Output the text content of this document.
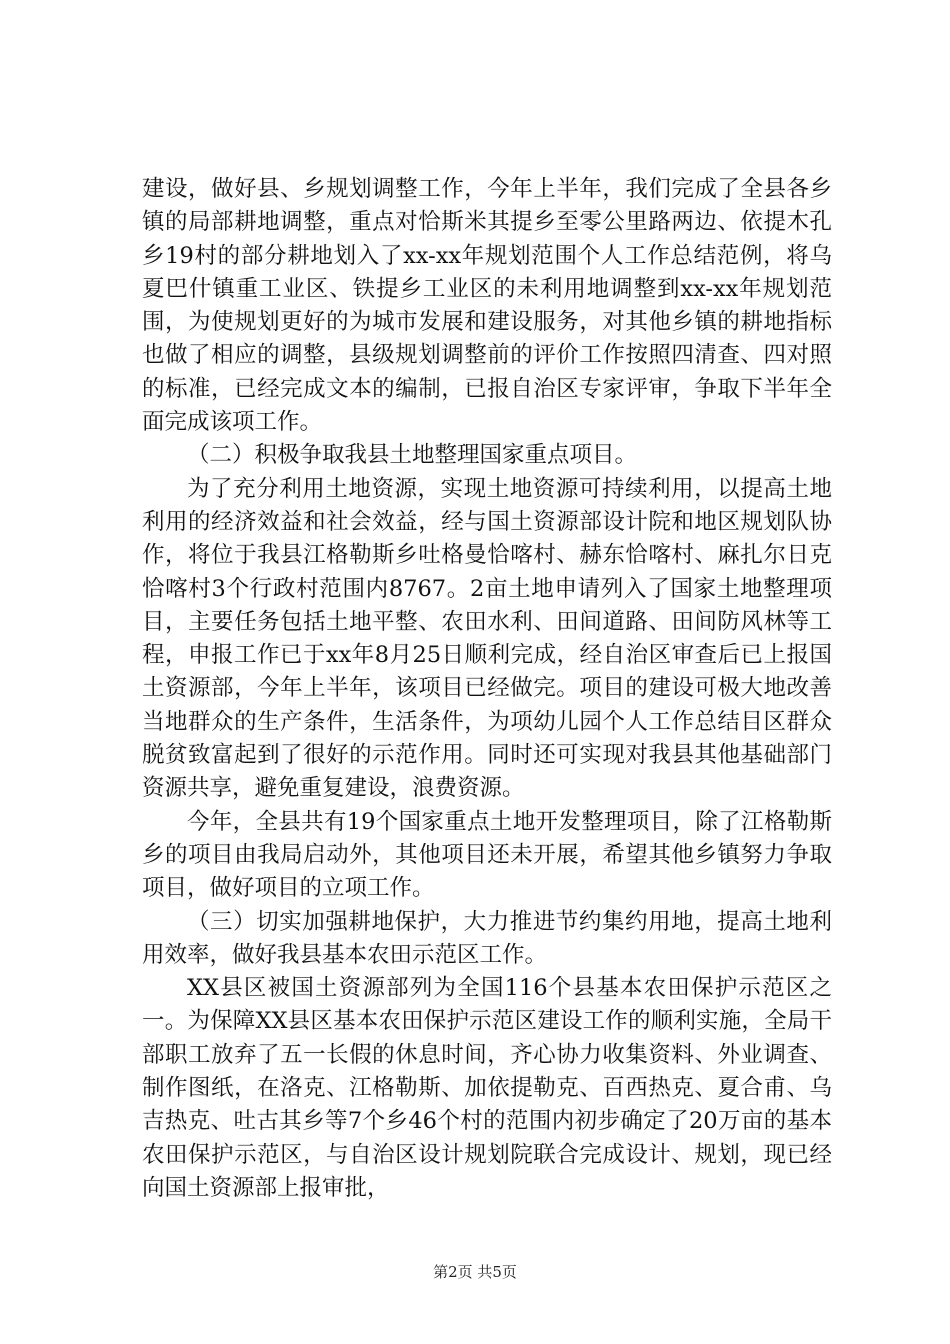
建设，做好县、乡规划调整工作，今年上半年，我们完成了全县各乡镇的局部耕地调整，重点对恰斯米其提乡至零公里路两边、依提木孔乡19村的部分耕地划入了xx-xx年规划范围个人工作总结范例，将乌夏巴什镇重工业区、铁提乡工业区的未利用地调整到xx-xx年规划范围，为使规划更好的为城市发展和建设服务，对其他乡镇的耕地指标也做了相应的调整，县级规划调整前的评价工作按照四清查、四对照的标准，已经完成文本的编制，已报自治区专家评审，争取下半年全面完成该项工作。

（二）积极争取我县土地整理国家重点项目。

为了充分利用土地资源，实现土地资源可持续利用，以提高土地利用的经济效益和社会效益，经与国土资源部设计院和地区规划队协作，将位于我县江格勒斯乡吐格曼恰喀村、赫东恰喀村、麻扎尔日克恰喀村3个行政村范围内8767。2亩土地申请列入了国家土地整理项目，主要任务包括土地平整、农田水利、田间道路、田间防风林等工程，申报工作已于xx年8月25日顺利完成，经自治区审查后已上报国土资源部，今年上半年，该项目已经做完。项目的建设可极大地改善当地群众的生产条件，生活条件，为项幼儿园个人工作总结目区群众脱贫致富起到了很好的示范作用。同时还可实现对我县其他基础部门资源共享，避免重复建设，浪费资源。

今年，全县共有19个国家重点土地开发整理项目，除了江格勒斯乡的项目由我局启动外，其他项目还未开展，希望其他乡镇努力争取项目，做好项目的立项工作。

（三）切实加强耕地保护，大力推进节约集约用地，提高土地利用效率，做好我县基本农田示范区工作。

XX县区被国土资源部列为全国116个县基本农田保护示范区之一。为保障XX县区基本农田保护示范区建设工作的顺利实施，全局干部职工放弃了五一长假的休息时间，齐心协力收集资料、外业调查、制作图纸，在洛克、江格勒斯、加依提勒克、百西热克、夏合甫、乌吉热克、吐古其乡等7个乡46个村的范围内初步确定了20万亩的基本农田保护示范区，与自治区设计规划院联合完成设计、规划，现已经向国土资源部上报审批，

第2页 共5页
